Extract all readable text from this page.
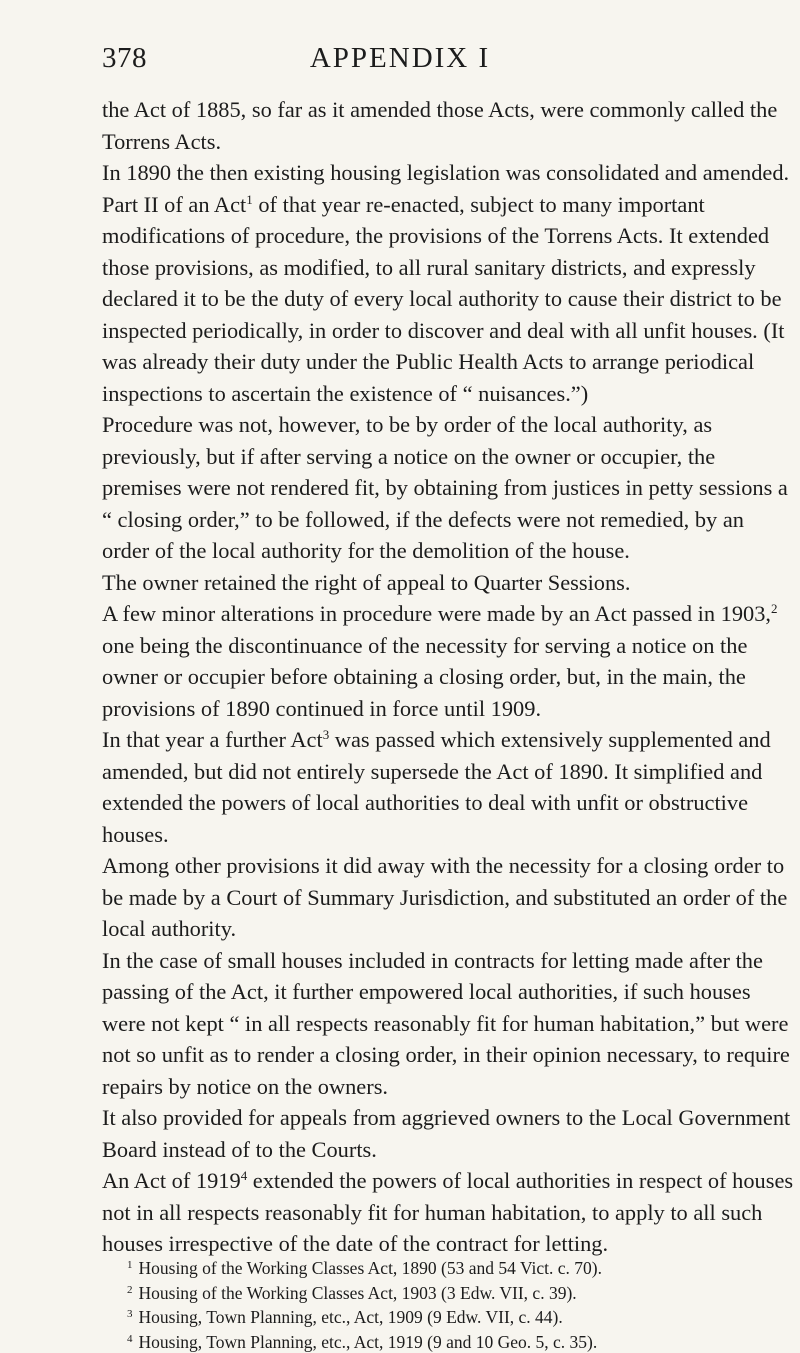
378	APPENDIX I

the Act of 1885, so far as it amended those Acts, were commonly called the Torrens Acts.

In 1890 the then existing housing legislation was consolidated and amended. Part II of an Act$^1$ of that year re-enacted, subject to many important modifications of procedure, the provisions of the Torrens Acts. It extended those provisions, as modified, to all rural sanitary districts, and expressly declared it to be the duty of every local authority to cause their district to be inspected periodically, in order to discover and deal with all unfit houses. (It was already their duty under the Public Health Acts to arrange periodical inspections to ascertain the existence of “ nuisances.”)

Procedure was not, however, to be by order of the local authority, as previously, but if after serving a notice on the owner or occupier, the premises were not rendered fit, by obtaining from justices in petty sessions a “ closing order,” to be followed, if the defects were not remedied, by an order of the local authority for the demolition of the house.

The owner retained the right of appeal to Quarter Sessions.

A few minor alterations in procedure were made by an Act passed in 1903,$^2$ one being the discontinuance of the necessity for serving a notice on the owner or occupier before obtaining a closing order, but, in the main, the provisions of 1890 continued in force until 1909.

In that year a further Act$^3$ was passed which extensively supplemented and amended, but did not entirely supersede the Act of 1890. It simplified and extended the powers of local authorities to deal with unfit or obstructive houses.

Among other provisions it did away with the necessity for a closing order to be made by a Court of Summary Jurisdiction, and substituted an order of the local authority.

In the case of small houses included in contracts for letting made after the passing of the Act, it further empowered local authorities, if such houses were not kept “ in all respects reasonably fit for human habitation,” but were not so unfit as to render a closing order, in their opinion necessary, to require repairs by notice on the owners.

It also provided for appeals from aggrieved owners to the Local Government Board instead of to the Courts.

An Act of 1919$^4$ extended the powers of local authorities in respect of houses not in all respects reasonably fit for human habitation, to apply to all such houses irrespective of the date of the contract for letting.

$^1$ Housing of the Working Classes Act, 1890 (53 and 54 Vict. c. 70).
$^2$ Housing of the Working Classes Act, 1903 (3 Edw. VII, c. 39).
$^3$ Housing, Town Planning, etc., Act, 1909 (9 Edw. VII, c. 44).
$^4$ Housing, Town Planning, etc., Act, 1919 (9 and 10 Geo. 5, c. 35).
